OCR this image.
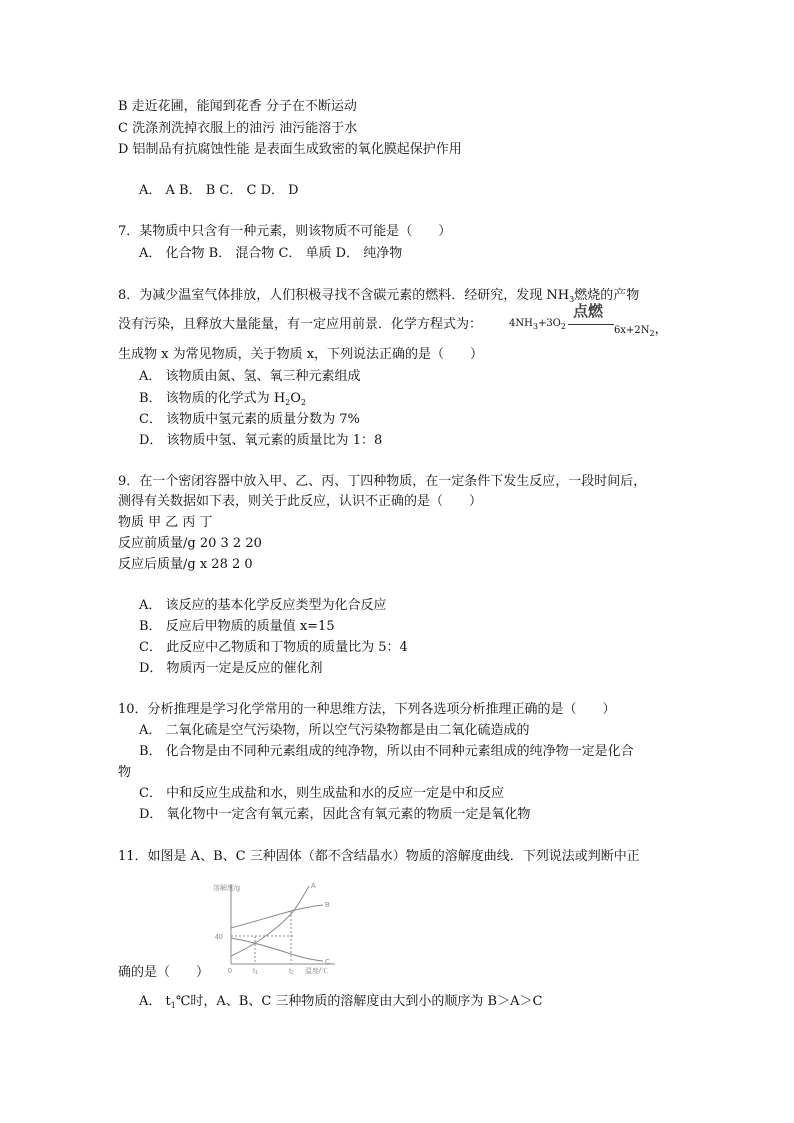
B 走近花圃，能闻到花香 分子在不断运动
C 洗涤剂洗掉衣服上的油污 油污能溶于水
D 铝制品有抗腐蚀性能 是表面生成致密的氧化膜起保护作用
A． A B． B C． C D． D
7．某物质中只含有一种元素，则该物质不可能是（　　）
A． 化合物 B． 混合物 C． 单质 D． 纯净物
8．为减少温室气体排放，人们积极寻找不含碳元素的燃料．经研究，发现 $NH_3$燃烧的产物
没有污染，且释放大量能量，有一定应用前景．化学方程式为：	$4NH_3+3O_2$
点燃
$6x+2N_2$，
生成物 x 为常见物质，关于物质 x，下列说法正确的是（　　）
A． 该物质由氮、氢、氧三种元素组成
B． 该物质的化学式为 $H_2O_2$
C． 该物质中氢元素的质量分数为 7%
D． 该物质中氢、氧元素的质量比为 1：8
9．在一个密闭容器中放入甲、乙、丙、丁四种物质，在一定条件下发生反应，一段时间后，
测得有关数据如下表，则关于此反应，认识不正确的是（　　）
物质 甲 乙 丙 丁
反应前质量/g 20 3 2 20
反应后质量/g x 28 2 0
A． 该反应的基本化学反应类型为化合反应
B． 反应后甲物质的质量值 x=15
C． 此反应中乙物质和丁物质的质量比为 5：4
D． 物质丙一定是反应的催化剂
10．分析推理是学习化学常用的一种思维方法，下列各选项分析推理正确的是（　　）
A． 二氧化硫是空气污染物，所以空气污染物都是由二氧化硫造成的
B． 化合物是由不同种元素组成的纯净物，所以由不同种元素组成的纯净物一定是化合
物
C． 中和反应生成盐和水，则生成盐和水的反应一定是中和反应
D． 氧化物中一定含有氧元素，因此含有氧元素的物质一定是氧化物
11．如图是 A、B、C 三种固体（都不含结晶水）物质的溶解度曲线．下列说法或判断中正
溶解度/g
40
0	t1	t2 温度/℃
A
B
C
确的是（　　）
A． $t_1℃$时，A、B、C 三种物质的溶解度由大到小的顺序为 B＞A＞C
